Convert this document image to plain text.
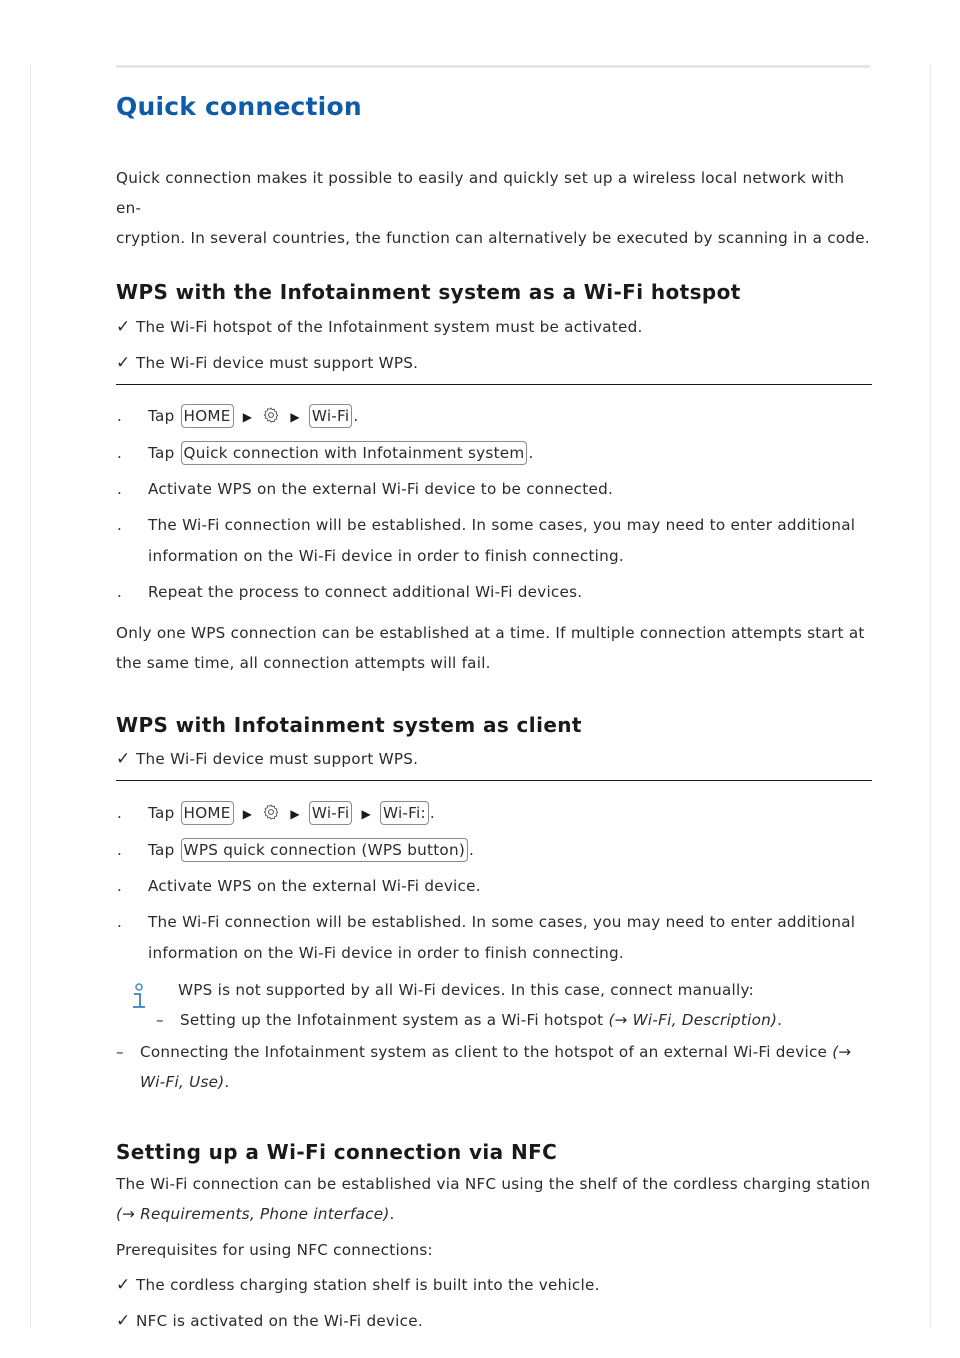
Quick connection

Quick connection makes it possible to easily and quickly set up a wireless local network with en-
cryption. In several countries, the function can alternatively be executed by scanning in a code.

WPS with the Infotainment system as a Wi-Fi hotspot
✓ The Wi-Fi hotspot of the Infotainment system must be activated.
✓ The Wi-Fi device must support WPS.
.	Tap HOME ▶	▶ Wi-Fi .
.	Tap Quick connection with Infotainment system .
.	Activate WPS on the external Wi-Fi device to be connected.
.	The Wi-Fi connection will be established. In some cases, you may need to enter additional
information on the Wi-Fi device in order to finish connecting.
.	Repeat the process to connect additional Wi-Fi devices.

Only one WPS connection can be established at a time. If multiple connection attempts start at
the same time, all connection attempts will fail.

WPS with Infotainment system as client
✓ The Wi-Fi device must support WPS.
.	Tap HOME ▶	▶ Wi-Fi ▶ Wi-Fi: .
.	Tap WPS quick connection (WPS button) .
.	Activate WPS on the external Wi-Fi device.
.	The Wi-Fi connection will be established. In some cases, you may need to enter additional
information on the Wi-Fi device in order to finish connecting.
WPS is not supported by all Wi-Fi devices. In this case, connect manually:
–	Setting up the Infotainment system as a Wi-Fi hotspot (→ Wi-Fi, Description).
–	Connecting the Infotainment system as client to the hotspot of an external Wi-Fi device (→
Wi-Fi, Use).
Setting up a Wi-Fi connection via NFC

The Wi-Fi connection can be established via NFC using the shelf of the cordless charging station
(→ Requirements, Phone interface).

Prerequisites for using NFC connections:

✓ The cordless charging station shelf is built into the vehicle.
✓ NFC is activated on the Wi-Fi device.
